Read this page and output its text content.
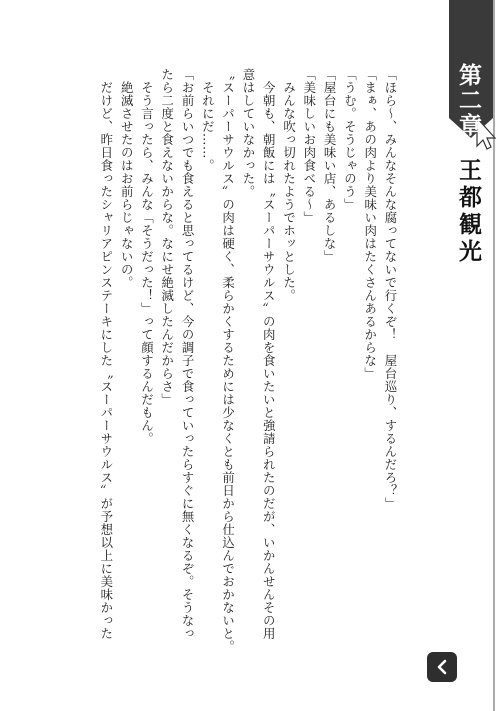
第二章
王都観光
「ほら〜、みんなそんな腐ってないで行くぞ！　屋台巡り、するんだろ？」
「まぁ、あの肉より美味い肉はたくさんあるからな」
「うむ。そうじゃのう」
「屋台にも美味い店、あるしな」
「美味しいお肉食べる〜」
　みんな吹っ切れたようでホッとした。
　今朝も、朝飯には〝スーパーサウルス〟の肉を食いたいと強請られたのだが、いかんせんその用
意はしていなかった。
〝スーパーサウルス〟の肉は硬く、柔らかくするためには少なくとも前日から仕込んでおかないと。
　それにだ……。
「お前らいつでも食えると思ってるけど、今の調子で食っていったらすぐに無くなるぞ。そうなっ
たら二度と食えないからな。なにせ絶滅したんだからさ」
　そう言ったら、みんな「そうだった！」って顔するんだもん。
　絶滅させたのはお前らじゃないの。
　だけど、昨日食ったシャリアピンステーキにした〝スーパーサウルス〟が予想以上に美味かった
